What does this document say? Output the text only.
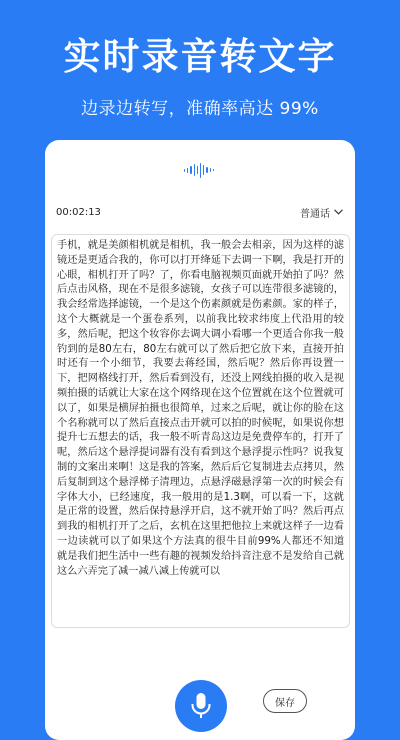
实时录音转文字
边录边转写，准确率高达 99%
00:02:13	普通话
手机，就是美颜相机就是相机，我一般会去相亲，因为这样的滤镜还是更适合我的，你可以打开绛延下去调一下啊，我是打开的心眼，相机打开了吗？了，你看电脑视频页面就开始拍了吗？然后点击风格，现在不是很多滤镜，女孩子可以连带很多滤镜的，我会经常选择滤镜，一个是这个伤素颜就是伤素颜。家的样子，这个大概就是一个蛋卷系列，以前我比较求纬度上代沿用的较多，然后呢，把这个妆容你去调大调小看哪一个更适合你我一般钓到的是80左右，80左右就可以了然后把它放下来，直接开拍时还有一个小细节，我要去蒋经国，然后呢？然后你再设置一下，把网格线打开，然后看到没有，还没上网线拍摄的收入是视频拍摄的话就让大家在这个网络现在这个位置就在这个位置就可以了，如果是横屏拍摄也很简单，过来之后呢，就让你的脸在这个名称就可以了然后直接点击开就可以拍的时候呢，如果说你想提升七五想去的话，我一般不听青岛这边是免费停车的，打开了呢，然后这个悬浮提词器有没有看到这个悬浮提示性吗？说我复制的文案出来啊！这是我的答案，然后后它复制进去点拷贝，然后复制到这个悬浮梯子清理边，点悬浮磁悬浮第一次的时候会有字体大小，已经速度，我一般用的是1.3啊，可以看一下，这就是正常的设置，然后保持悬浮开启，这不就开始了吗？然后再点到我的相机打开了之后，玄机在这里把他拉上来就这样子一边看一边读就可以了如果这个方法真的很牛目前99%人都还不知道就是我们把生活中一些有趣的视频发给抖音注意不是发给自己就这么六弄完了减一减八减上传就可以
保存
